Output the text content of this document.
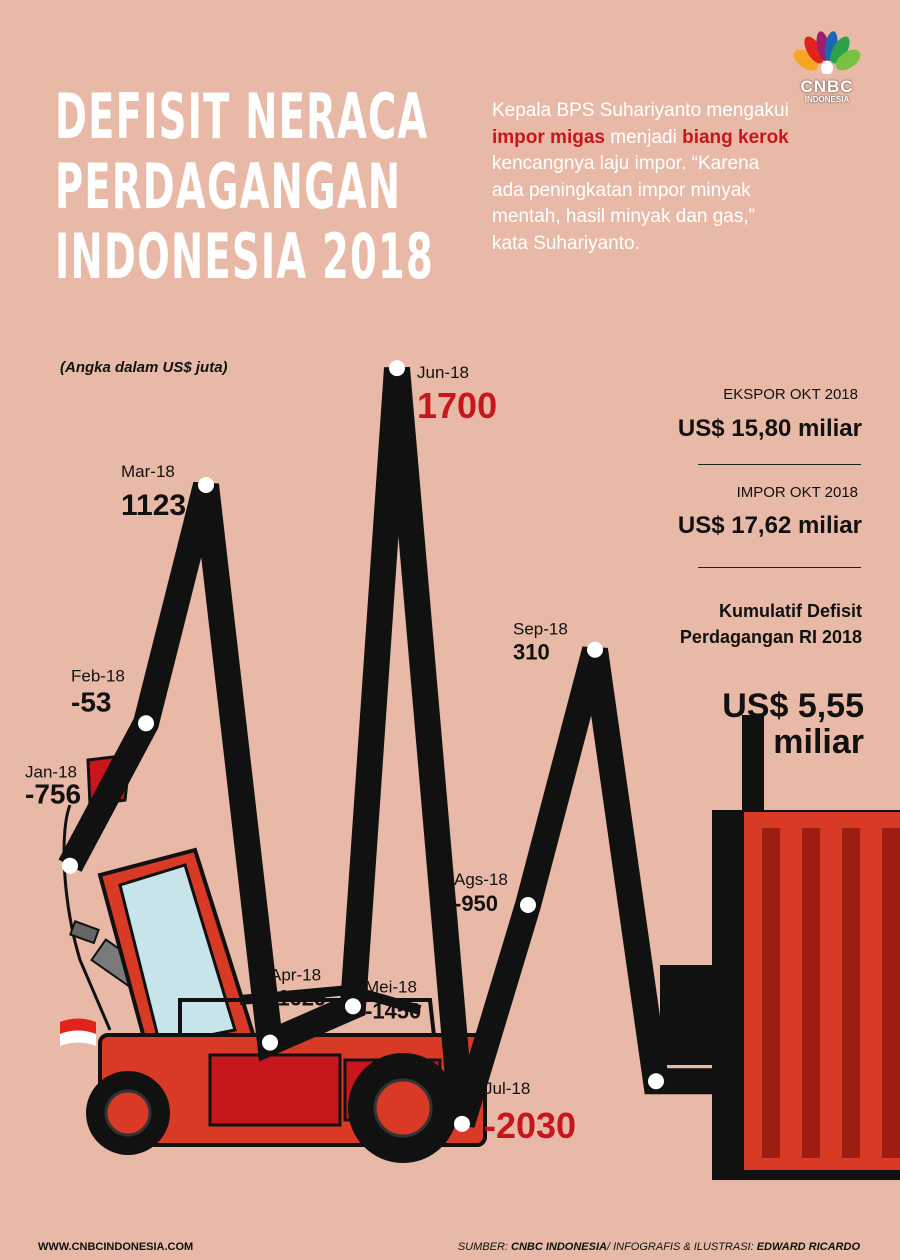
DEFISIT NERACA
PERDAGANGAN
INDONESIA 2018
Kepala BPS Suhariyanto mengakui impor migas menjadi biang kerok kencangnya laju impor. “Karena ada peningkatan impor minyak mentah, hasil minyak dan gas,” kata Suhariyanto.
CNBC
INDONESIA
(Angka dalam US$ juta)
Jan-18
-756
Feb-18
-53
Mar-18
1123
Apr-18
-1629 Mei-18
-1450
Jun-18
1700
Jul-18
-2030
Ags-18
-950
Sep-18
310
Okt-18
-1820
EKSPOR OKT 2018
US$ 15,80 miliar
IMPOR OKT 2018
US$ 17,62 miliar
Kumulatif Defisit Perdagangan RI 2018
US$ 5,55 miliar
WWW.CNBCINDONESIA.COM	SUMBER: CNBC INDONESIA/ INFOGRAFIS & ILUSTRASI: EDWARD RICARDO
